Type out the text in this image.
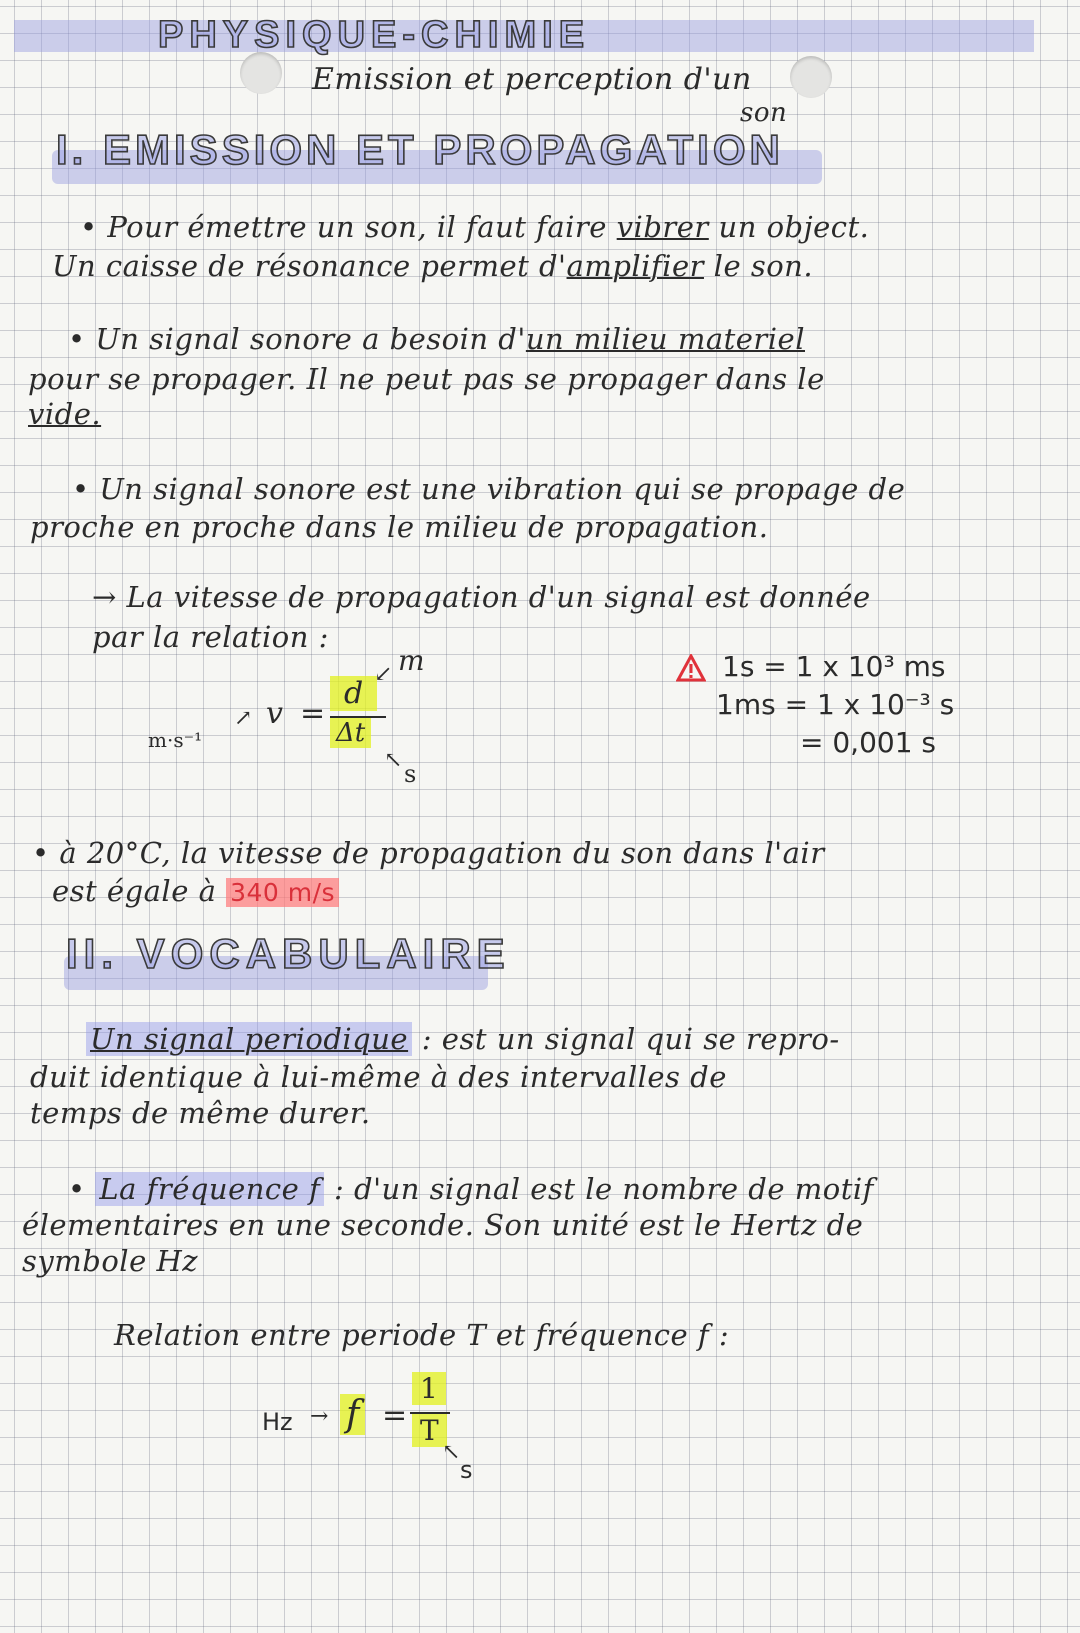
PHYSIQUE-CHIMIE
Emission et perception d'un
son
I. EMISSION ET PROPAGATION
• Pour émettre un son, il faut faire vibrer un object.
Un caisse de résonance permet d'amplifier le son.
• Un signal sonore a besoin d'un milieu materiel
pour se propager. Il ne peut pas se propager dans le
vide.
• Un signal sonore est une vibration qui se propage de
proche en proche dans le milieu de propagation.
→ La vitesse de propagation d'un signal est donnée
par la relation :
m·s⁻¹
↗ v =
d
Δt
↙ m
↖ s
1s = 1 x 10³ ms
1ms = 1 x 10⁻³ s
= 0,001 s
• à 20°C, la vitesse de propagation du son dans l'air
est égale à 340 m/s
II. VOCABULAIRE
Un signal periodique : est un signal qui se repro-
duit identique à lui-même à des intervalles de
temps de même durer.
• La fréquence f : d'un signal est le nombre de motif
élementaires en une seconde. Son unité est le Hertz de
symbole Hz
Relation entre periode T et fréquence f :
Hz → f =
1
T
↖
s
